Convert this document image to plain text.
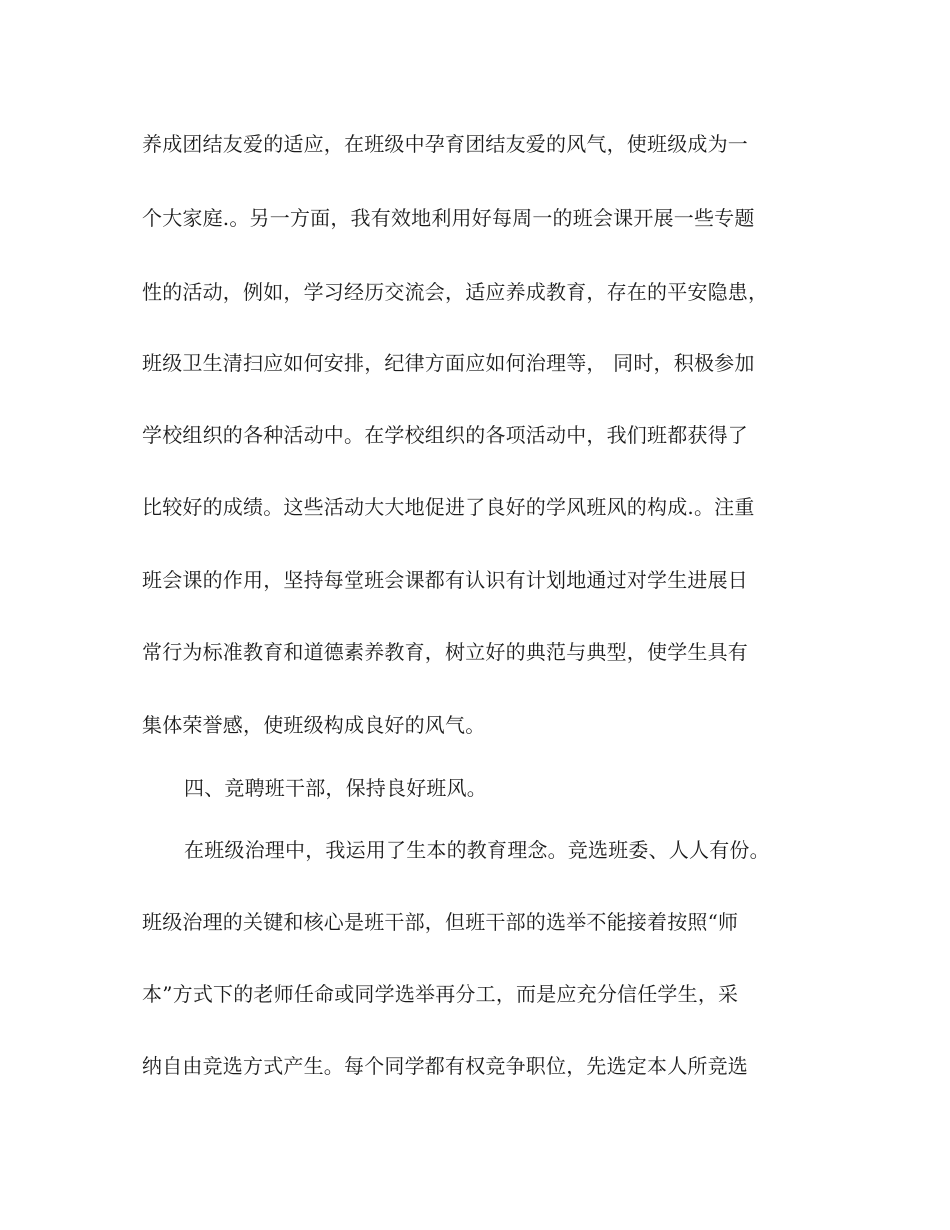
养成团结友爱的适应，在班级中孕育团结友爱的风气，使班级成为一
个大家庭.。另一方面，我有效地利用好每周一的班会课开展一些专题
性的活动，例如，学习经历交流会，适应养成教育，存在的平安隐患，
班级卫生清扫应如何安排，纪律方面应如何治理等， 同时，积极参加
学校组织的各种活动中。在学校组织的各项活动中，我们班都获得了
比较好的成绩。这些活动大大地促进了良好的学风班风的构成.。注重
班会课的作用，坚持每堂班会课都有认识有计划地通过对学生进展日
常行为标准教育和道德素养教育，树立好的典范与典型，使学生具有
集体荣誉感，使班级构成良好的风气。
四、竞聘班干部，保持良好班风。
在班级治理中，我运用了生本的教育理念。竞选班委、人人有份。
班级治理的关键和核心是班干部，但班干部的选举不能接着按照“师
本”方式下的老师任命或同学选举再分工，而是应充分信任学生，采
纳自由竞选方式产生。每个同学都有权竞争职位，先选定本人所竞选
